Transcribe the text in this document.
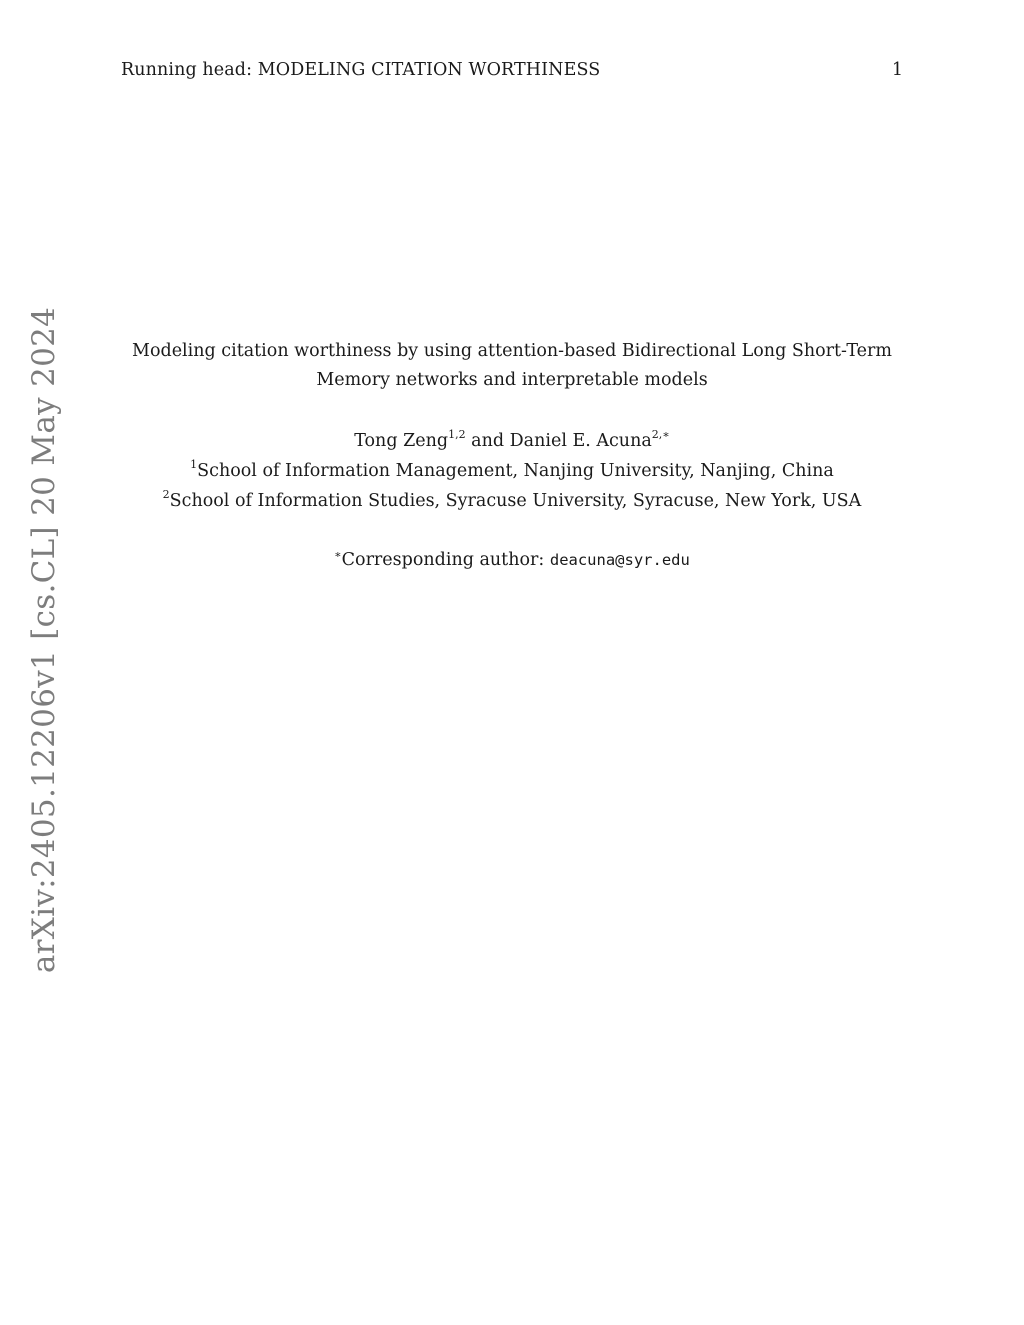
Running head: MODELING CITATION WORTHINESS	1
arXiv:2405.12206v1 [cs.CL] 20 May 2024	Modeling citation worthiness by using attention-based Bidirectional Long Short-Term
Memory networks and interpretable models
Tong Zeng$^{1,2}$ and Daniel E. Acuna$^{2,∗}$
$^1$School of Information Management, Nanjing University, Nanjing, China
$^2$School of Information Studies, Syracuse University, Syracuse, New York, USA
∗Corresponding author: deacuna@syr.edu
